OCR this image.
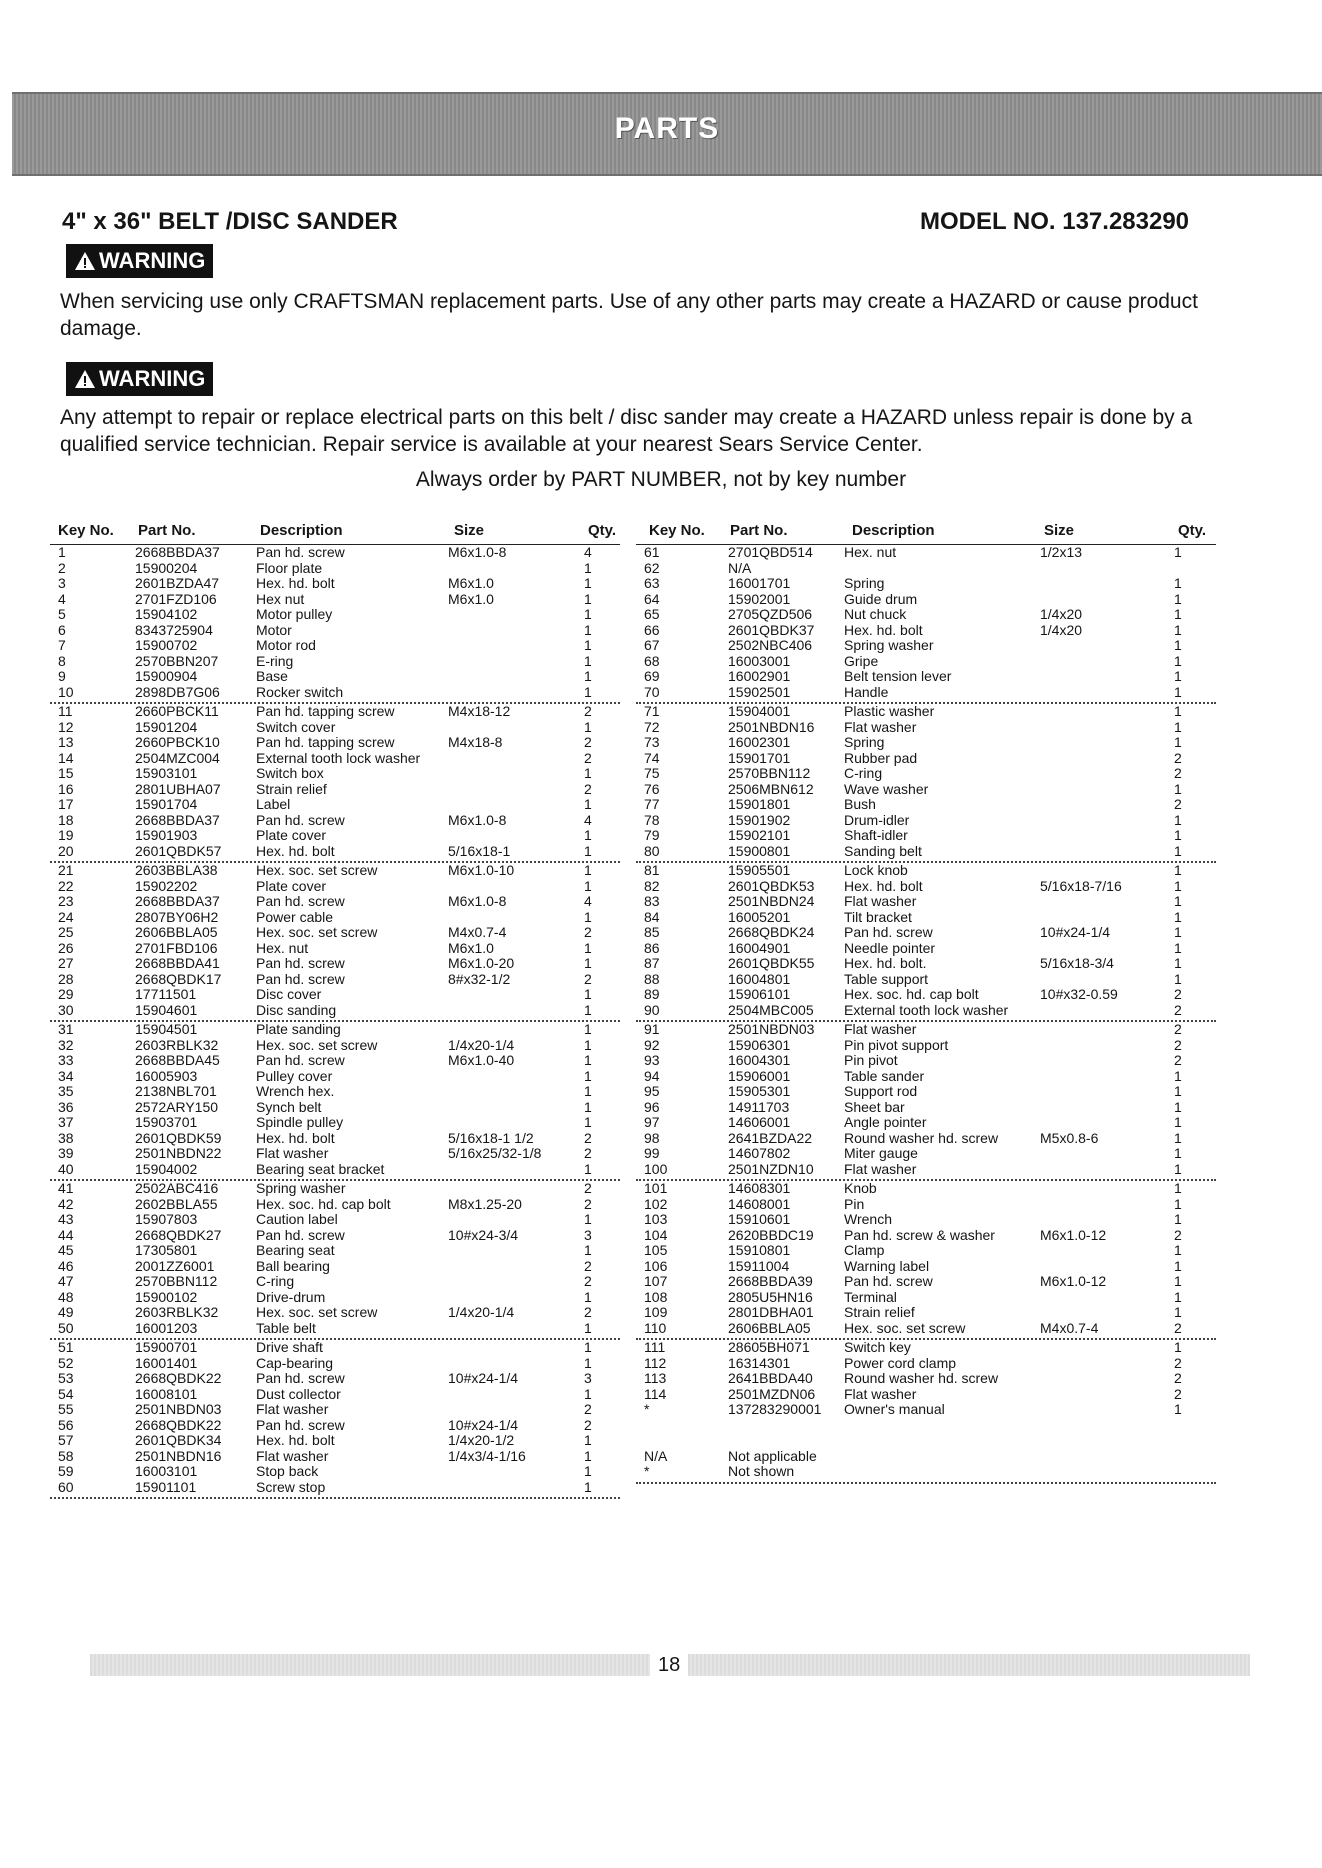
PARTS
4" x 36" BELT /DISC SANDER	MODEL NO. 137.283290
WARNING
When servicing use only CRAFTSMAN replacement parts. Use of any other parts may create a HAZARD or cause product damage.
WARNING
Any attempt to repair or replace electrical parts on this belt / disc sander may create a HAZARD unless repair is done by a qualified service technician. Repair service is available at your nearest Sears Service Center.
Always order by PART NUMBER, not by key number
Key No. Part No.	Description	Size	Qty.
1	2668BBDA37	Pan hd. screw	M6x1.0-8	4
2	15900204	Floor plate	1
3	2601BZDA47	Hex. hd. bolt	M6x1.0	1
4	2701FZD106	Hex nut	M6x1.0	1
5	15904102	Motor pulley	1
6	8343725904	Motor	1
7	15900702	Motor rod	1
8	2570BBN207	E-ring	1
9	15900904	Base	1
10	2898DB7G06	Rocker switch	1
11	2660PBCK11	Pan hd. tapping screw	M4x18-12	2
12	15901204	Switch cover	1
13	2660PBCK10	Pan hd. tapping screw	M4x18-8	2
14	2504MZC004	External tooth lock washer	2
15	15903101	Switch box	1
16	2801UBHA07	Strain relief	2
17	15901704	Label	1
18	2668BBDA37	Pan hd. screw	M6x1.0-8	4
19	15901903	Plate cover	1
20	2601QBDK57 Hex. hd. bolt	5/16x18-1	1
21	2603BBLA38	Hex. soc. set screw	M6x1.0-10	1
22	15902202	Plate cover	1
23	2668BBDA37	Pan hd. screw	M6x1.0-8	4
24	2807BY06H2	Power cable	1
25	2606BBLA05	Hex. soc. set screw	M4x0.7-4	2
26	2701FBD106	Hex. nut	M6x1.0	1
27	2668BBDA41	Pan hd. screw	M6x1.0-20	1
28	2668QBDK17 Pan hd. screw	8#x32-1/2	2
29	17711501	Disc cover	1
30	15904601	Disc sanding	1
31	15904501	Plate sanding	1
32	2603RBLK32	Hex. soc. set screw	1/4x20-1/4	1
33	2668BBDA45	Pan hd. screw	M6x1.0-40	1
34	16005903	Pulley cover	1
35	2138NBL701	Wrench hex.	1
36	2572ARY150	Synch belt	1
37	15903701	Spindle pulley	1
38	2601QBDK59 Hex. hd. bolt	5/16x18-1 1/2	2
39	2501NBDN22 Flat washer	5/16x25/32-1/8	2
40	15904002	Bearing seat bracket	1
41	2502ABC416	Spring washer	2
42	2602BBLA55	Hex. soc. hd. cap bolt	M8x1.25-20	2
43	15907803	Caution label	1
44	2668QBDK27 Pan hd. screw	10#x24-3/4	3
45	17305801	Bearing seat	1
46	2001ZZ6001	Ball bearing	2
47	2570BBN112	C-ring	2
48	15900102	Drive-drum	1
49	2603RBLK32	Hex. soc. set screw	1/4x20-1/4	2
50	16001203	Table belt	1
51	15900701	Drive shaft	1
52	16001401	Cap-bearing	1
53	2668QBDK22 Pan hd. screw	10#x24-1/4	3
54	16008101	Dust collector	1
55	2501NBDN03 Flat washer	2
56	2668QBDK22 Pan hd. screw	10#x24-1/4	2
57	2601QBDK34 Hex. hd. bolt	1/4x20-1/2	1
58	2501NBDN16 Flat washer	1/4x3/4-1/16	1
59	16003101	Stop back	1
60	15901101	Screw stop	1
Key No. Part No.	Description	Size	Qty.
61	2701QBD514 Hex. nut	1/2x13	1
62	N/A
63	16001701	Spring	1
64	15902001	Guide drum	1
65	2705QZD506 Nut chuck	1/4x20	1
66	2601QBDK37 Hex. hd. bolt	1/4x20	1
67	2502NBC406 Spring washer	1
68	16003001	Gripe	1
69	16002901	Belt tension lever	1
70	15902501	Handle	1
71	15904001	Plastic washer	1
72	2501NBDN16 Flat washer	1
73	16002301	Spring	1
74	15901701	Rubber pad	2
75	2570BBN112 C-ring	2
76	2506MBN612 Wave washer	1
77	15901801	Bush	2
78	15901902	Drum-idler	1
79	15902101	Shaft-idler	1
80	15900801	Sanding belt	1
81	15905501	Lock knob	1
82	2601QBDK53 Hex. hd. bolt	5/16x18-7/16	1
83	2501NBDN24 Flat washer	1
84	16005201	Tilt bracket	1
85	2668QBDK24 Pan hd. screw	10#x24-1/4	1
86	16004901	Needle pointer	1
87	2601QBDK55 Hex. hd. bolt.	5/16x18-3/4	1
88	16004801	Table support	1
89	15906101	Hex. soc. hd. cap bolt	10#x32-0.59	2
90	2504MBC005 External tooth lock washer	2
91	2501NBDN03 Flat washer	2
92	15906301	Pin pivot support	2
93	16004301	Pin pivot	2
94	15906001	Table sander	1
95	15905301	Support rod	1
96	14911703	Sheet bar	1
97	14606001	Angle pointer	1
98	2641BZDA22 Round washer hd. screw	M5x0.8-6	1
99	14607802	Miter gauge	1
100	2501NZDN10 Flat washer	1
101	14608301	Knob	1
102	14608001	Pin	1
103	15910601	Wrench	1
104	2620BBDC19 Pan hd. screw & washer	M6x1.0-12	2
105	15910801	Clamp	1
106	15911004	Warning label	1
107	2668BBDA39 Pan hd. screw	M6x1.0-12	1
108	2805U5HN16 Terminal	1
109	2801DBHA01 Strain relief	1
110	2606BBLA05 Hex. soc. set screw	M4x0.7-4	2
111	28605BH071 Switch key	1
112	16314301	Power cord clamp	2
113	2641BBDA40 Round washer hd. screw	2
114	2501MZDN06 Flat washer	2
*	137283290001 Owner's manual	1
N/A	Not applicable
*	Not shown
18
